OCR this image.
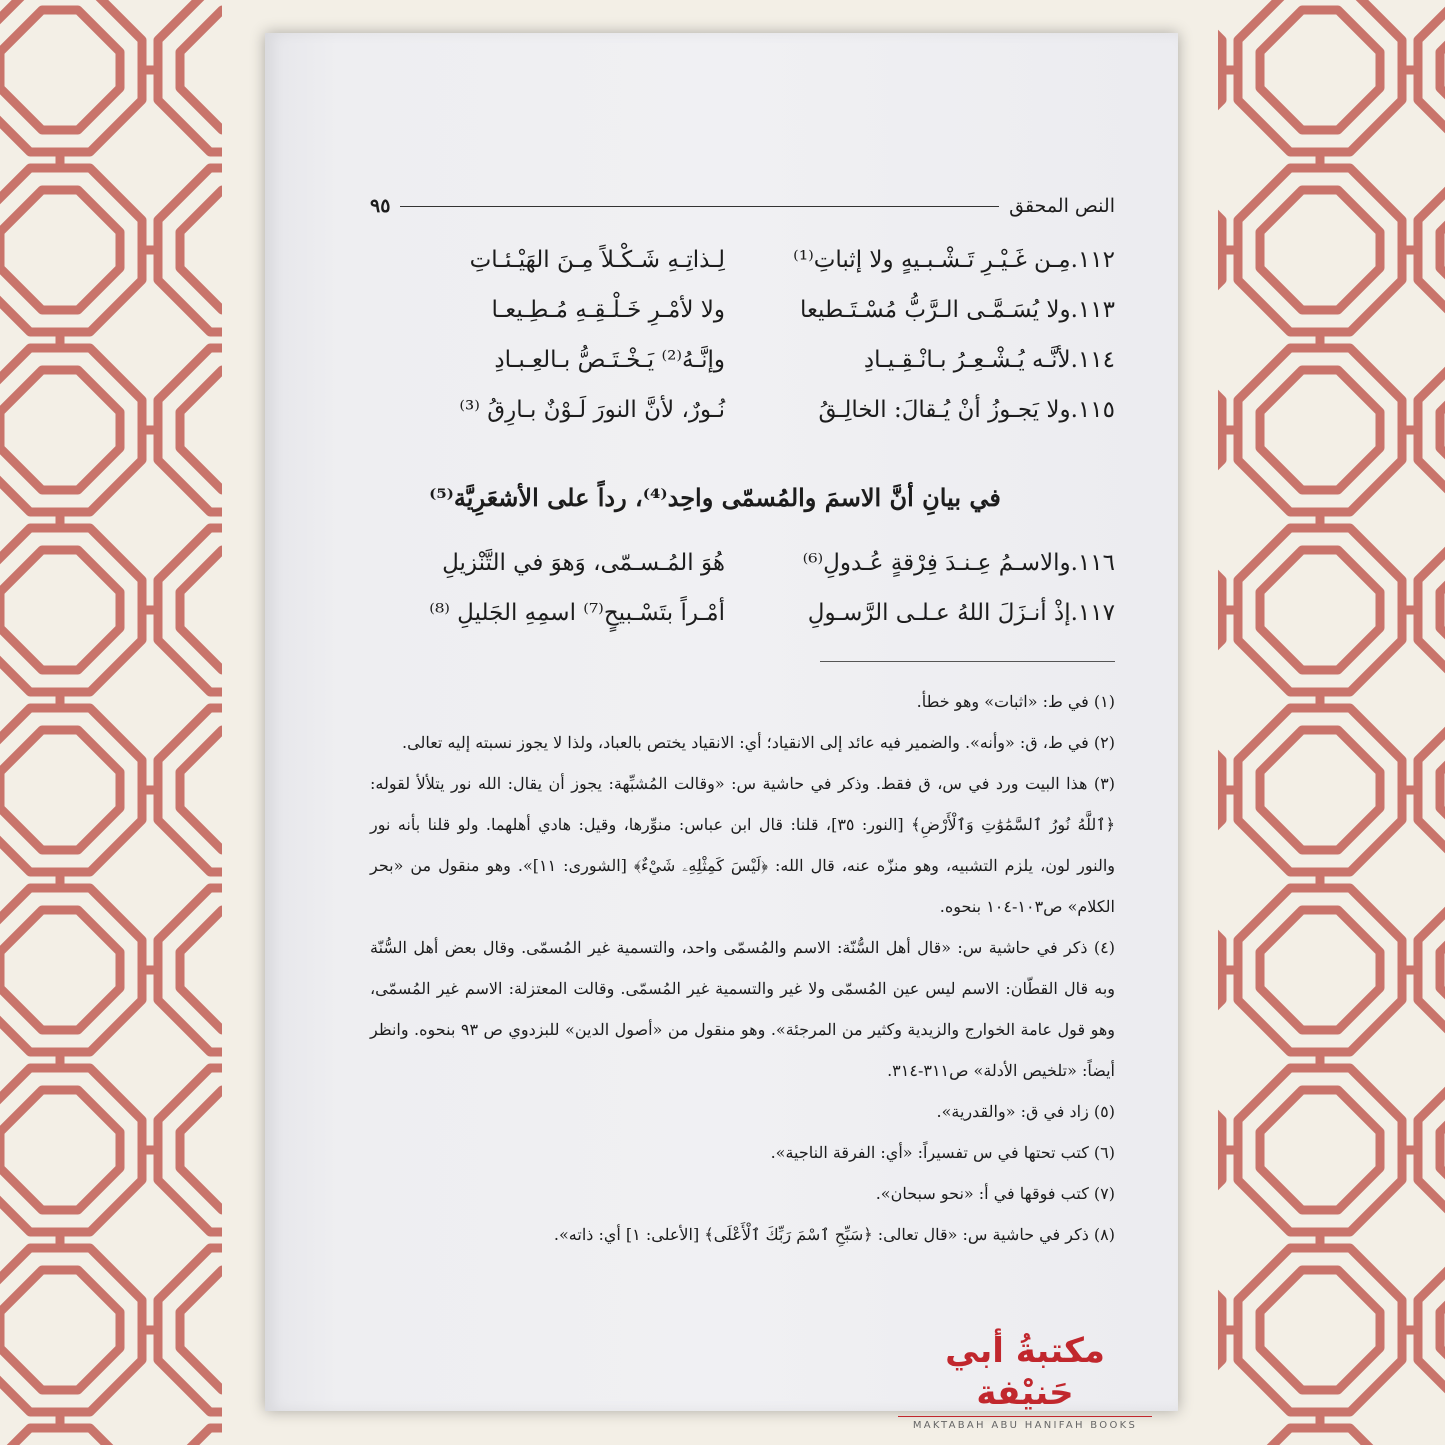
النص المحقق
٩٥
١١٢.مِـن غَـيْـرِ تَـشْـبـيهٍ ولا إثباتِ⁽¹⁾
لِـذاتِـهِ شَـكْـلاً مِـنَ الهَيْـئـاتِ
١١٣.ولا يُسَـمَّـى الـرَّبُّ مُسْـتَـطيعا
ولا لأمْـرِ خَـلْـقِـهِ مُـطِـيعـا
١١٤.لأنَّـه يُـشْـعِـرُ بـانْـقِـيـادِ
وإنَّـهُ⁽²⁾ يَـخْـتَـصُّ بـالعِـبـادِ
١١٥.ولا يَجـوزُ أنْ يُـقالَ: الخالِـقُ
نُـورٌ، لأنَّ النورَ لَـوْنٌ بـارِقُ ⁽³⁾
في بيانِ أنَّ الاسمَ والمُسمّى واحِد⁽⁴⁾، رداً على الأشعَرِيَّة⁽⁵⁾
١١٦.والاسـمُ عِـنـدَ فِرْقةٍ عُـدولِ⁽⁶⁾
هُوَ المُـسـمّى، وَهوَ في التَّنْزيلِ
١١٧.إذْ أنـزَلَ اللهُ عـلـى الرَّسـولِ
أمْـراً بتَسْـبيحٍ⁽⁷⁾ اسمِهِ الجَليلِ ⁽⁸⁾

(١) في ط: «اثبات» وهو خطأ.

(٢) في ط، ق: «وأنه». والضمير فيه عائد إلى الانقياد؛ أي: الانقياد يختص بالعباد، ولذا لا يجوز نسبته إليه تعالى.

(٣) هذا البيت ورد في س، ق فقط. وذكر في حاشية س: «وقالت المُشبِّهة: يجوز أن يقال: الله نور يتلألأ لقوله: ﴿ٱللَّهُ نُورُ ٱلسَّمَٰوَٰتِ وَٱلْأَرْضِ﴾ [النور: ٣٥]، قلنا: قال ابن عباس: منوِّرها، وقيل: هادي أهلهما. ولو قلنا بأنه نور والنور لون، يلزم التشبيه، وهو منزّه عنه، قال الله: ﴿لَيْسَ كَمِثْلِهِۦ شَيْءٌ﴾ [الشورى: ١١]». وهو منقول من «بحر الكلام» ص١٠٣-١٠٤ بنحوه.

(٤) ذكر في حاشية س: «قال أهل السُّنّة: الاسم والمُسمّى واحد، والتسمية غير المُسمّى. وقال بعض أهل السُّنّة وبه قال القطّان: الاسم ليس عين المُسمّى ولا غير والتسمية غير المُسمّى. وقالت المعتزلة: الاسم غير المُسمّى، وهو قول عامة الخوارج والزيدية وكثير من المرجئة». وهو منقول من «أصول الدين» للبزدوي ص ٩٣ بنحوه. وانظر أيضاً: «تلخيص الأدلة» ص٣١١-٣١٤.

(٥) زاد في ق: «والقدرية».

(٦) كتب تحتها في س تفسيراً: «أي: الفرقة الناجية».

(٧) كتب فوقها في أ: «نحو سبحان».

(٨) ذكر في حاشية س: «قال تعالى: ﴿سَبِّحِ ٱسْمَ رَبِّكَ ٱلْأَعْلَى﴾ [الأعلى: ١] أي: ذاته».

مكتبةُ أبي حَنيْفة
MAKTABAH ABU HANIFAH BOOKS
